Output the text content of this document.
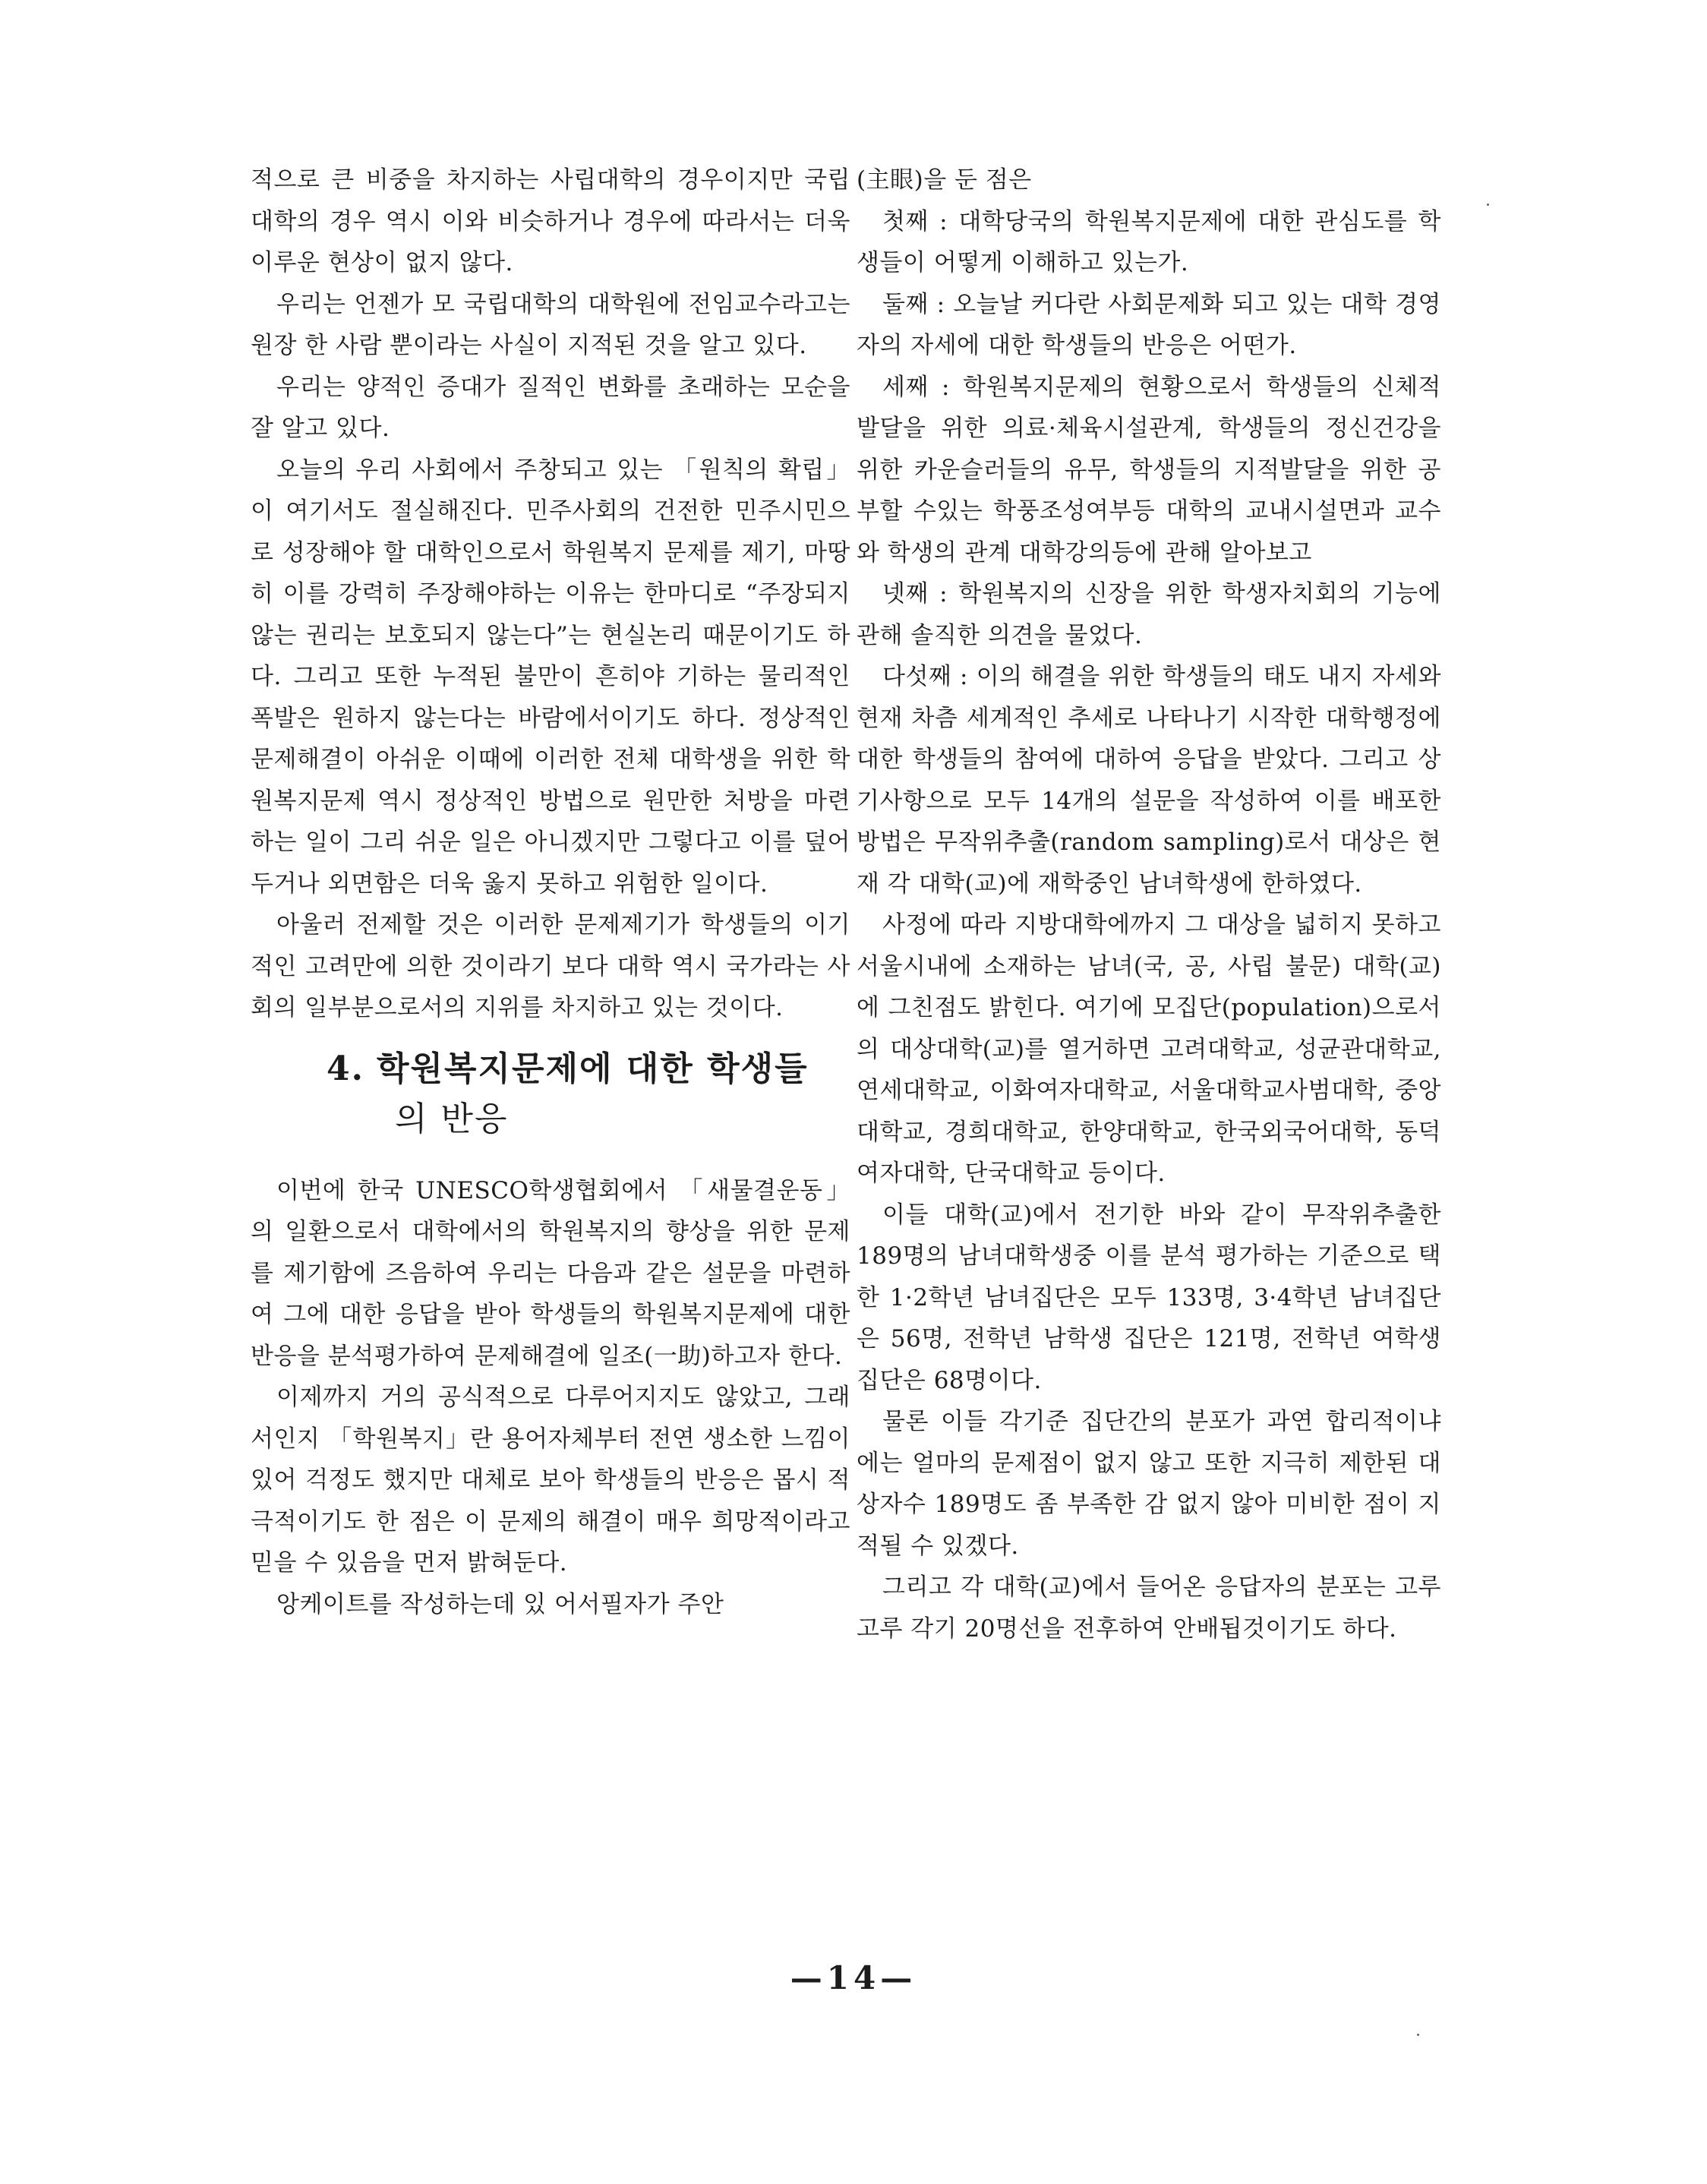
적으로 큰 비중을 차지하는 사립대학의 경우이지만 국립대학의 경우 역시 이와 비슷하거나 경우에 따라서는 더욱 이루운 현상이 없지 않다.

우리는 언젠가 모 국립대학의 대학원에 전임교수라고는 원장 한 사람 뿐이라는 사실이 지적된 것을 알고 있다.

우리는 양적인 증대가 질적인 변화를 초래하는 모순을 잘 알고 있다.

오늘의 우리 사회에서 주창되고 있는 「원칙의 확립」이 여기서도 절실해진다. 민주사회의 건전한 민주시민으로 성장해야 할 대학인으로서 학원복지 문제를 제기, 마땅히 이를 강력히 주장해야하는 이유는 한마디로 “주장되지 않는 권리는 보호되지 않는다”는 현실논리 때문이기도 하다. 그리고 또한 누적된 불만이 흔히야 기하는 물리적인 폭발은 원하지 않는다는 바람에서이기도 하다. 정상적인 문제해결이 아쉬운 이때에 이러한 전체 대학생을 위한 학원복지문제 역시 정상적인 방법으로 원만한 처방을 마련하는 일이 그리 쉬운 일은 아니겠지만 그렇다고 이를 덮어두거나 외면함은 더욱 옳지 못하고 위험한 일이다.

아울러 전제할 것은 이러한 문제제기가 학생들의 이기적인 고려만에 의한 것이라기 보다 대학 역시 국가라는 사회의 일부분으로서의 지위를 차지하고 있는 것이다.

4. 학원복지문제에 대한 학생들
의 반응

이번에 한국 UNESCO학생협회에서 「새물결운동」의 일환으로서 대학에서의 학원복지의 향상을 위한 문제를 제기함에 즈음하여 우리는 다음과 같은 설문을 마련하여 그에 대한 응답을 받아 학생들의 학원복지문제에 대한 반응을 분석평가하여 문제해결에 일조(一助)하고자 한다.

이제까지 거의 공식적으로 다루어지지도 않았고, 그래서인지 「학원복지」란 용어자체부터 전연 생소한 느낌이 있어 걱정도 했지만 대체로 보아 학생들의 반응은 몹시 적극적이기도 한 점은 이 문제의 해결이 매우 희망적이라고 믿을 수 있음을 먼저 밝혀둔다.

앙케이트를 작성하는데 있 어서필자가 주안

(主眼)을 둔 점은

첫째 : 대학당국의 학원복지문제에 대한 관심도를 학생들이 어떻게 이해하고 있는가.

둘째 : 오늘날 커다란 사회문제화 되고 있는 대학 경영자의 자세에 대한 학생들의 반응은 어떤가.

세째 : 학원복지문제의 현황으로서 학생들의 신체적 발달을 위한 의료·체육시설관계, 학생들의 정신건강을 위한 카운슬러들의 유무, 학생들의 지적발달을 위한 공부할 수있는 학풍조성여부등 대학의 교내시설면과 교수와 학생의 관계 대학강의등에 관해 알아보고

넷째 : 학원복지의 신장을 위한 학생자치회의 기능에 관해 솔직한 의견을 물었다.

다섯째 : 이의 해결을 위한 학생들의 태도 내지 자세와 현재 차츰 세계적인 추세로 나타나기 시작한 대학행정에 대한 학생들의 참여에 대하여 응답을 받았다. 그리고 상기사항으로 모두 14개의 설문을 작성하여 이를 배포한방법은 무작위추출(random sampling)로서 대상은 현재 각 대학(교)에 재학중인 남녀학생에 한하였다.

사정에 따라 지방대학에까지 그 대상을 넓히지 못하고 서울시내에 소재하는 남녀(국, 공, 사립 불문) 대학(교)에 그친점도 밝힌다. 여기에 모집단(population)으로서의 대상대학(교)를 열거하면 고려대학교, 성균관대학교, 연세대학교, 이화여자대학교, 서울대학교사범대학, 중앙대학교, 경희대학교, 한양대학교, 한국외국어대학, 동덕여자대학, 단국대학교 등이다.

이들 대학(교)에서 전기한 바와 같이 무작위추출한 189명의 남녀대학생중 이를 분석 평가하는 기준으로 택한 1·2학년 남녀집단은 모두 133명, 3·4학년 남녀집단은 56명, 전학년 남학생 집단은 121명, 전학년 여학생집단은 68명이다.

물론 이들 각기준 집단간의 분포가 과연 합리적이냐 에는 얼마의 문제점이 없지 않고 또한 지극히 제한된 대상자수 189명도 좀 부족한 감 없지 않아 미비한 점이 지적될 수 있겠다.

그리고 각 대학(교)에서 들어온 응답자의 분포는 고루고루 각기 20명선을 전후하여 안배됩것이기도 하다.

—14—
